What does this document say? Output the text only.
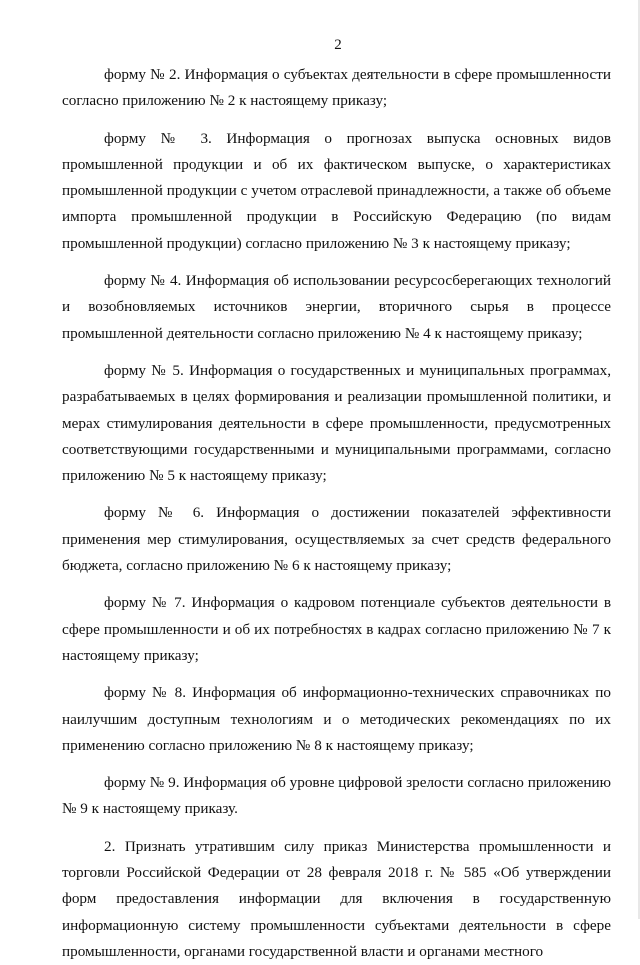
2

форму № 2. Информация о субъектах деятельности в сфере промышленности согласно приложению № 2 к настоящему приказу;

форму № 3. Информация о прогнозах выпуска основных видов промышленной продукции и об их фактическом выпуске, о характеристиках промышленной продукции с учетом отраслевой принадлежности, а также об объеме импорта промышленной продукции в Российскую Федерацию (по видам промышленной продукции) согласно приложению № 3 к настоящему приказу;

форму № 4. Информация об использовании ресурсосберегающих технологий и возобновляемых источников энергии, вторичного сырья в процессе промышленной деятельности согласно приложению № 4 к настоящему приказу;

форму № 5. Информация о государственных и муниципальных программах, разрабатываемых в целях формирования и реализации промышленной политики, и мерах стимулирования деятельности в сфере промышленности, предусмотренных соответствующими государственными и муниципальными программами, согласно приложению № 5 к настоящему приказу;

форму № 6. Информация о достижении показателей эффективности применения мер стимулирования, осуществляемых за счет средств федерального бюджета, согласно приложению № 6 к настоящему приказу;

форму № 7. Информация о кадровом потенциале субъектов деятельности в сфере промышленности и об их потребностях в кадрах согласно приложению № 7 к настоящему приказу;

форму № 8. Информация об информационно-технических справочниках по наилучшим доступным технологиям и о методических рекомендациях по их применению согласно приложению № 8 к настоящему приказу;

форму № 9. Информация об уровне цифровой зрелости согласно приложению № 9 к настоящему приказу.

2. Признать утратившим силу приказ Министерства промышленности и торговли Российской Федерации от 28 февраля 2018 г. № 585 «Об утверждении форм предоставления информации для включения в государственную информационную систему промышленности субъектами деятельности в сфере промышленности, органами государственной власти и органами местного
